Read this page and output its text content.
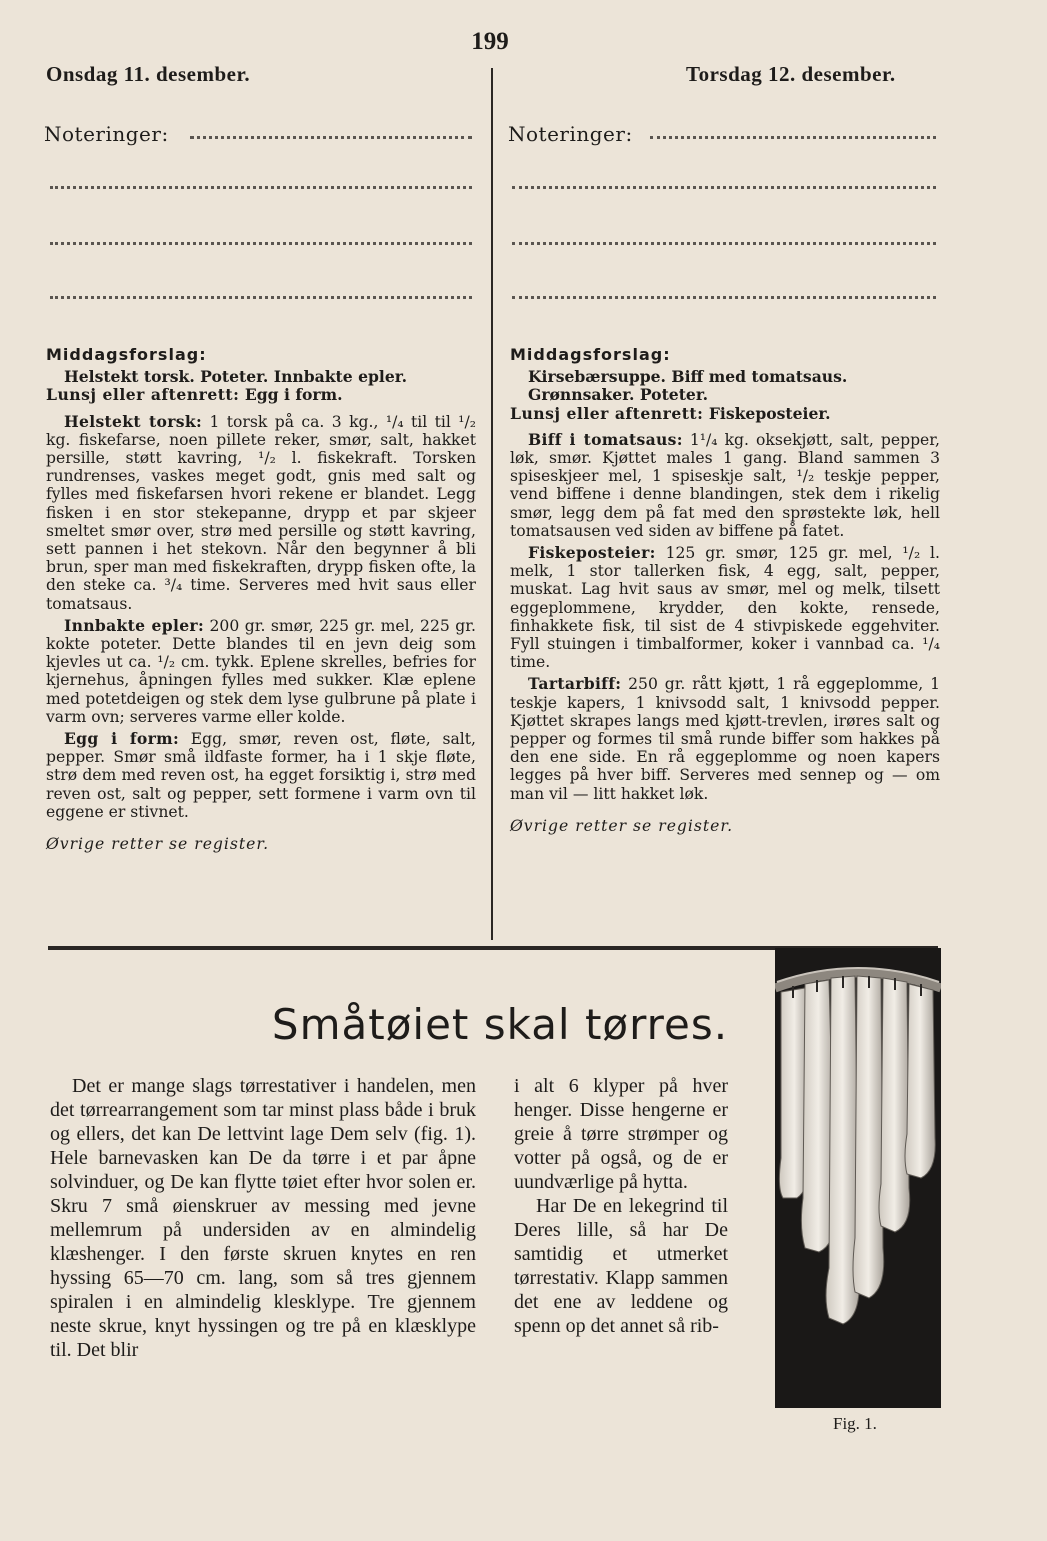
199
Onsdag 11. desember.
Noteringer:
Torsdag 12. desember.
Noteringer:

Middagsforslag:

Helstekt torsk. Poteter. Innbakte epler.

Lunsj eller aftenrett: Egg i form.

Helstekt torsk: 1 torsk på ca. 3 kg., ¹/₄ til til ¹/₂ kg. fiskefarse, noen pillete reker, smør, salt, hakket persille, støtt kavring, ¹/₂ l. fiskekraft. Torsken rundrenses, vaskes meget godt, gnis med salt og fylles med fiskefarsen hvori rekene er blandet. Legg fisken i en stor stekepanne, drypp et par skjeer smeltet smør over, strø med persille og støtt kavring, sett pannen i het stekovn. Når den begynner å bli brun, sper man med fiskekraften, drypp fisken ofte, la den steke ca. ³/₄ time. Serveres med hvit saus eller tomatsaus.

Innbakte epler: 200 gr. smør, 225 gr. mel, 225 gr. kokte poteter. Dette blandes til en jevn deig som kjevles ut ca. ¹/₂ cm. tykk. Eplene skrelles, befries for kjernehus, åpningen fylles med sukker. Klæ eplene med potetdeigen og stek dem lyse gulbrune på plate i varm ovn; serveres varme eller kolde.

Egg i form: Egg, smør, reven ost, fløte, salt, pepper. Smør små ildfaste former, ha i 1 skje fløte, strø dem med reven ost, ha egget forsiktig i, strø med reven ost, salt og pepper, sett formene i varm ovn til eggene er stivnet.

Øvrige retter se register.

Middagsforslag:

Kirsebærsuppe. Biff med tomatsaus.

Grønnsaker. Poteter.

Lunsj eller aftenrett: Fiskeposteier.

Biff i tomatsaus: 1¹/₄ kg. oksekjøtt, salt, pepper, løk, smør. Kjøttet males 1 gang. Bland sammen 3 spiseskjeer mel, 1 spiseskje salt, ¹/₂ teskje pepper, vend biffene i denne blandingen, stek dem i rikelig smør, legg dem på fat med den sprøstekte løk, hell tomatsausen ved siden av biffene på fatet.

Fiskeposteier: 125 gr. smør, 125 gr. mel, ¹/₂ l. melk, 1 stor tallerken fisk, 4 egg, salt, pepper, muskat. Lag hvit saus av smør, mel og melk, tilsett eggeplommene, krydder, den kokte, rensede, finhakkete fisk, til sist de 4 stivpiskede eggehviter. Fyll stuingen i timbalformer, koker i vannbad ca. ¹/₄ time.

Tartarbiff: 250 gr. rått kjøtt, 1 rå eggeplomme, 1 teskje kapers, 1 knivsodd salt, 1 knivsodd pepper. Kjøttet skrapes langs med kjøtt-trevlen, irøres salt og pepper og formes til små runde biffer som hakkes på den ene side. En rå eggeplomme og noen kapers legges på hver biff. Serveres med sennep og — om man vil — litt hakket løk.

Øvrige retter se register.

Småtøiet skal tørres.

Det er mange slags tørrestativer i handelen, men det tørrearrangement som tar minst plass både i bruk og ellers, det kan De lettvint lage Dem selv (fig. 1). Hele barnevasken kan De da tørre i et par åpne solvinduer, og De kan flytte tøiet efter hvor solen er. Skru 7 små øienskruer av messing med jevne mellemrum på undersiden av en almindelig klæshenger. I den første skruen knytes en ren hyssing 65—70 cm. lang, som så tres gjennem spiralen i en almindelig klesklype. Tre gjennem neste skrue, knyt hyssingen og tre på en klæsklype til. Det blir

i alt 6 klyper på hver henger. Disse hengerne er greie å tørre strømper og votter på også, og de er uundværlige på hytta.

Har De en lekegrind til Deres lille, så har De samtidig et utmerket tørrestativ. Klapp sammen det ene av leddene og spenn op det annet så rib-

Fig. 1.
